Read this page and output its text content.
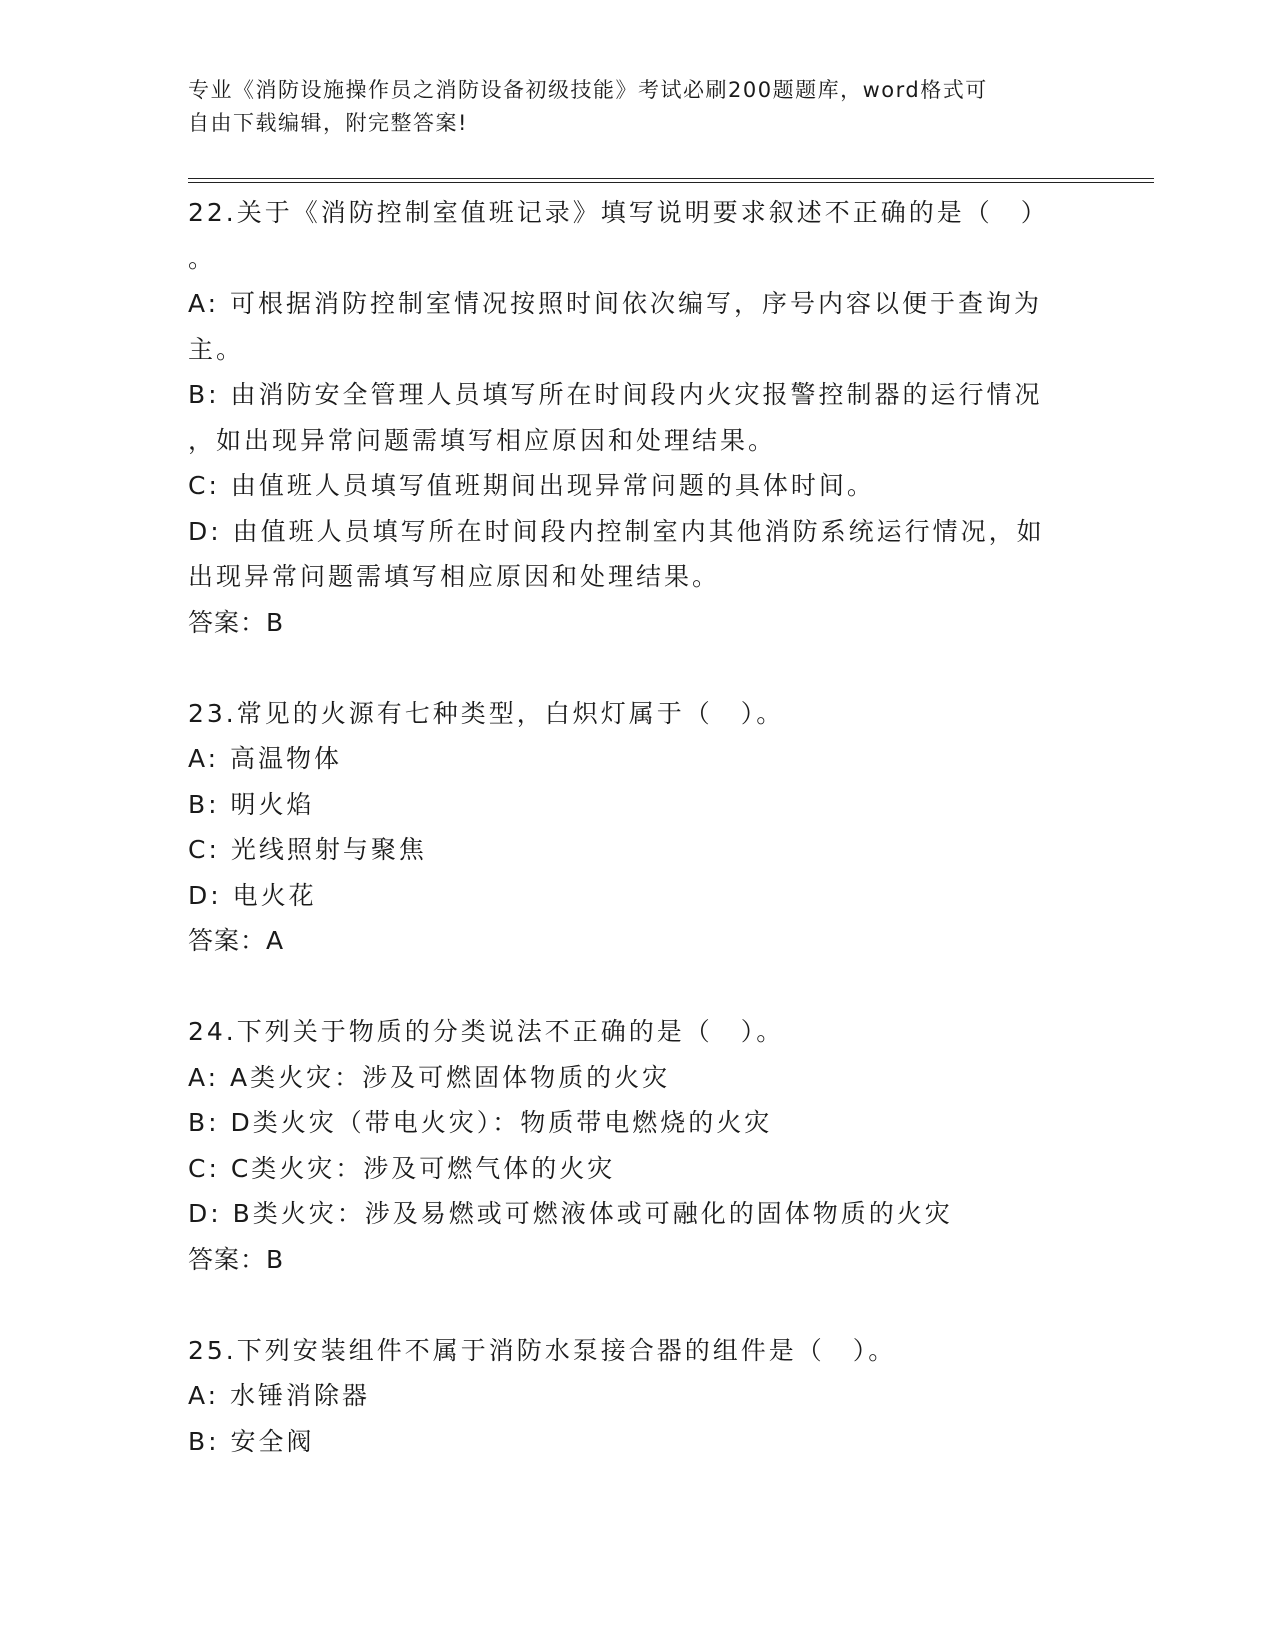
专业《消防设施操作员之消防设备初级技能》考试必刷200题题库，word格式可
自由下载编辑，附完整答案!
22.关于《消防控制室值班记录》填写说明要求叙述不正确的是（　）
。
A: 可根据消防控制室情况按照时间依次编写，序号内容以便于查询为
主。
B: 由消防安全管理人员填写所在时间段内火灾报警控制器的运行情况
，如出现异常问题需填写相应原因和处理结果。
C: 由值班人员填写值班期间出现异常问题的具体时间。
D: 由值班人员填写所在时间段内控制室内其他消防系统运行情况，如
出现异常问题需填写相应原因和处理结果。
答案：B
23.常见的火源有七种类型，白炽灯属于（　）。
A: 高温物体
B: 明火焰
C: 光线照射与聚焦
D: 电火花
答案：A
24.下列关于物质的分类说法不正确的是（　）。
A: A类火灾：涉及可燃固体物质的火灾
B: D类火灾（带电火灾）：物质带电燃烧的火灾
C: C类火灾：涉及可燃气体的火灾
D: B类火灾：涉及易燃或可燃液体或可融化的固体物质的火灾
答案：B
25.下列安装组件不属于消防水泵接合器的组件是（　）。
A: 水锤消除器
B: 安全阀
